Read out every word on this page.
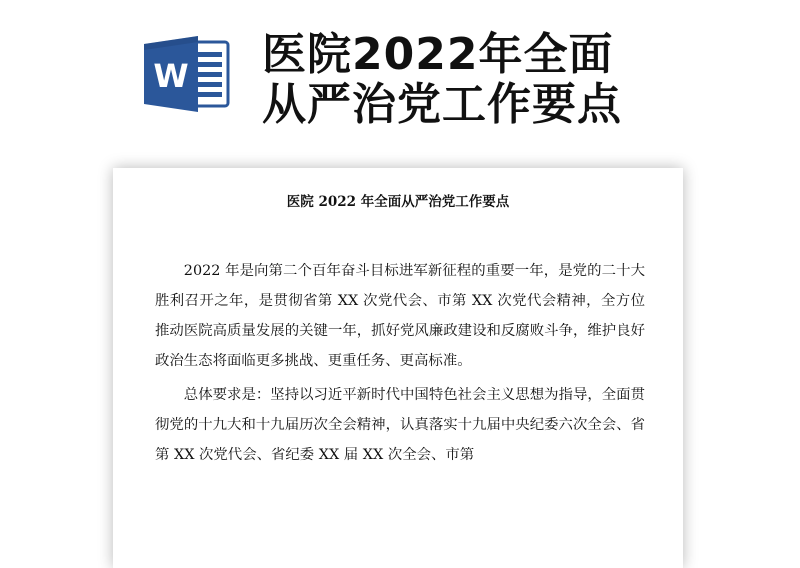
W 医院2022年全面
从严治党工作要点
医院 2022 年全面从严治党工作要点

2022 年是向第二个百年奋斗目标进军新征程的重要一年，是党的二十大胜利召开之年，是贯彻省第 XX 次党代会、市第 XX 次党代会精神，全方位推动医院高质量发展的关键一年，抓好党风廉政建设和反腐败斗争，维护良好政治生态将面临更多挑战、更重任务、更高标准。

总体要求是：坚持以习近平新时代中国特色社会主义思想为指导，全面贯彻党的十九大和十九届历次全会精神，认真落实十九届中央纪委六次全会、省第 XX 次党代会、省纪委 XX 届 XX 次全会、市第
